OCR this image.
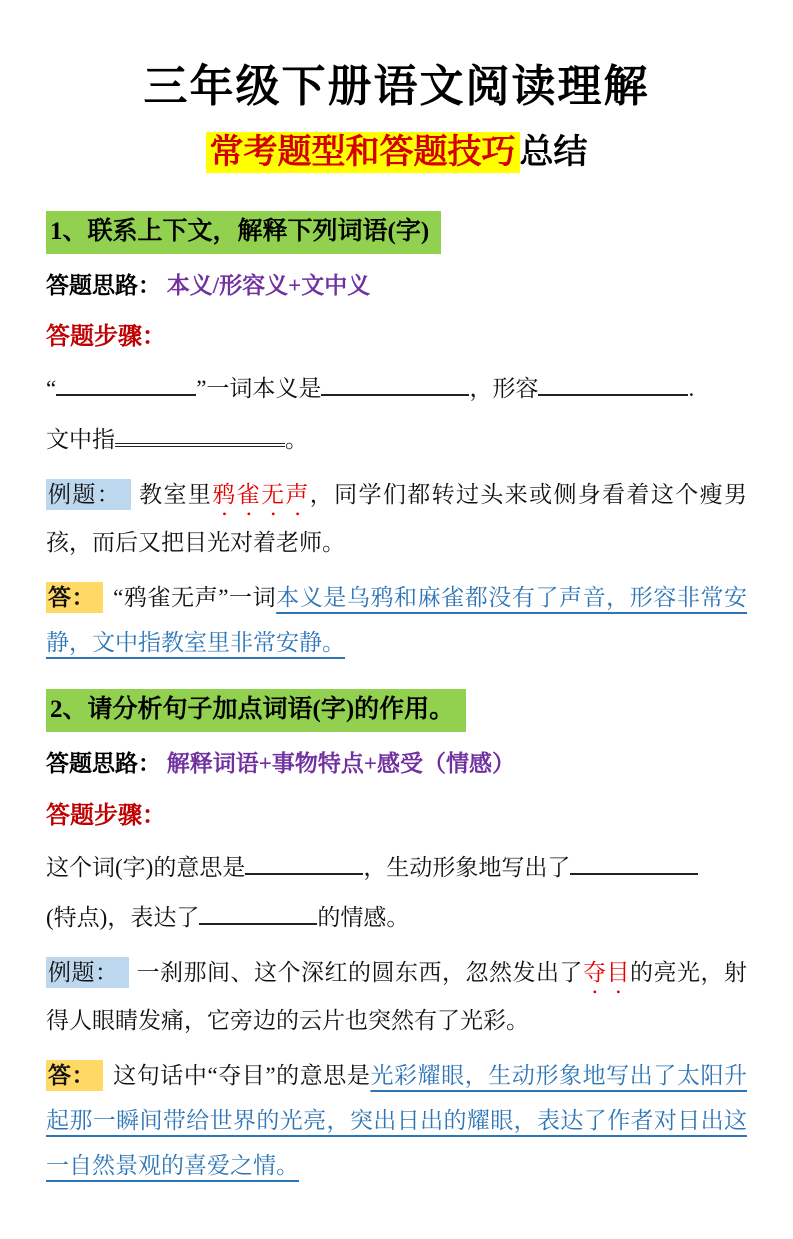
三年级下册语文阅读理解
常考题型和答题技巧 总结
1、联系上下文，解释下列词语(字)
答题思路： 本义/形容义+文中义
答题步骤：
“	”一词本义是	，形容	.
文中指	。
例题： 教室里鸦雀无声，同学们都转过头来或侧身看着这个瘦男孩，而后又把目光对着老师。
答： “鸦雀无声”一词本义是乌鸦和麻雀都没有了声音，形容非常安静，文中指教室里非常安静。
2、请分析句子加点词语(字)的作用。
答题思路： 解释词语+事物特点+感受（情感）
答题步骤：
这个词(字)的意思是	，生动形象地写出了
(特点)，表达了	的情感。
例题： 一刹那间、这个深红的圆东西，忽然发出了夺目的亮光，射得人眼睛发痛，它旁边的云片也突然有了光彩。
答： 这句话中“夺目”的意思是光彩耀眼，生动形象地写出了太阳升起那一瞬间带给世界的光亮，突出日出的耀眼，表达了作者对日出这一自然景观的喜爱之情。
